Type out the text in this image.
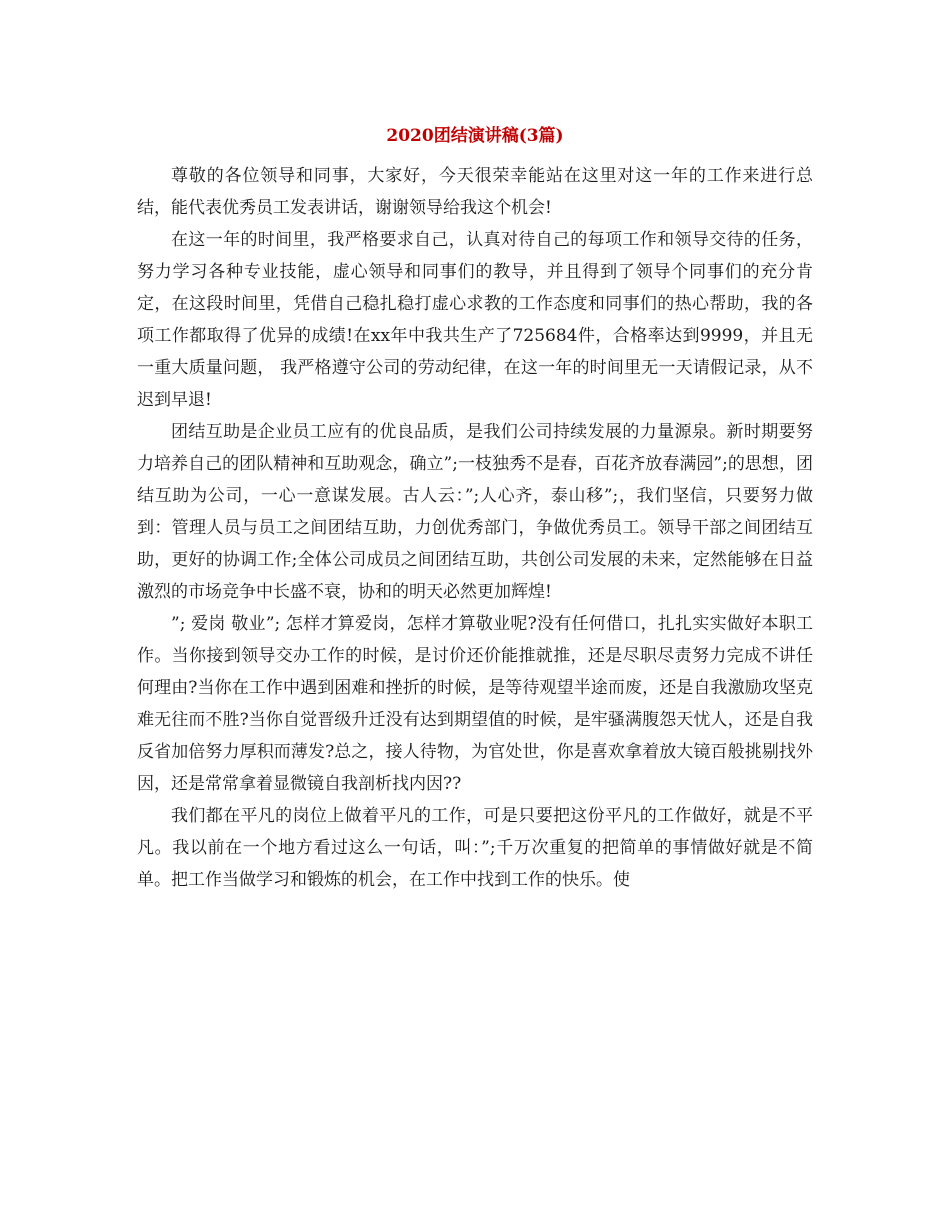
2020团结演讲稿(3篇)

尊敬的各位领导和同事，大家好，今天很荣幸能站在这里对这一年的工作来进行总结，能代表优秀员工发表讲话，谢谢领导给我这个机会!

在这一年的时间里，我严格要求自己，认真对待自己的每项工作和领导交待的任务，努力学习各种专业技能，虚心领导和同事们的教导，并且得到了领导个同事们的充分肯定，在这段时间里，凭借自己稳扎稳打虚心求教的工作态度和同事们的热心帮助，我的各项工作都取得了优异的成绩!在xx年中我共生产了725684件，合格率达到9999，并且无一重大质量问题， 我严格遵守公司的劳动纪律，在这一年的时间里无一天请假记录，从不迟到早退!

团结互助是企业员工应有的优良品质，是我们公司持续发展的力量源泉。新时期要努力培养自己的团队精神和互助观念，确立”;一枝独秀不是春，百花齐放春满园”;的思想，团结互助为公司，一心一意谋发展。古人云：”;人心齐，泰山移”;，我们坚信，只要努力做到：管理人员与员工之间团结互助，力创优秀部门，争做优秀员工。领导干部之间团结互助，更好的协调工作;全体公司成员之间团结互助，共创公司发展的未来，定然能够在日益激烈的市场竞争中长盛不衰，协和的明天必然更加辉煌!

”; 爱岗 敬业”; 怎样才算爱岗，怎样才算敬业呢?没有任何借口，扎扎实实做好本职工作。当你接到领导交办工作的时候，是讨价还价能推就推，还是尽职尽责努力完成不讲任何理由?当你在工作中遇到困难和挫折的时候，是等待观望半途而废，还是自我激励攻坚克难无往而不胜?当你自觉晋级升迁没有达到期望值的时候，是牢骚满腹怨天忧人，还是自我反省加倍努力厚积而薄发?总之，接人待物，为官处世，你是喜欢拿着放大镜百般挑剔找外因，还是常常拿着显微镜自我剖析找内因??

我们都在平凡的岗位上做着平凡的工作，可是只要把这份平凡的工作做好，就是不平凡。我以前在一个地方看过这么一句话，叫：”;千万次重复的把简单的事情做好就是不简单。把工作当做学习和锻炼的机会，在工作中找到工作的快乐。使
